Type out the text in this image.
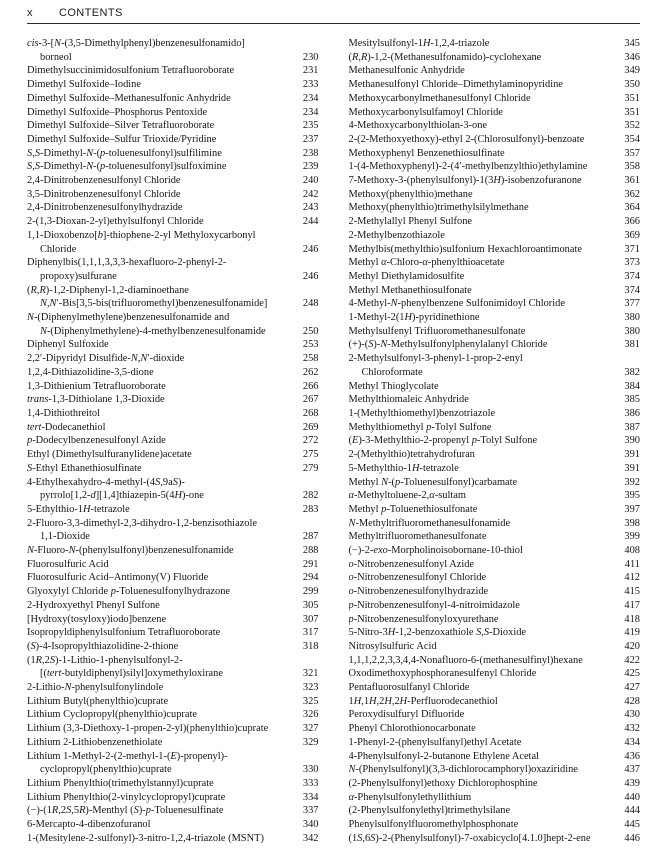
x	CONTENTS
cis-3-[N-(3,5-Dimethylphenyl)benzenesulfonamido]
borneol	230
Dimethylsuccinimidosulfonium Tetrafluoroborate	231
Dimethyl Sulfoxide–Iodine	233
Dimethyl Sulfoxide–Methanesulfonic Anhydride	234
Dimethyl Sulfoxide–Phosphorus Pentoxide	234
Dimethyl Sulfoxide–Silver Tetrafluoroborate	235
Dimethyl Sulfoxide–Sulfur Trioxide/Pyridine	237
S,S-Dimethyl-N-(p-toluenesulfonyl)sulfilimine	238
S,S-Dimethyl-N-(p-toluenesulfonyl)sulfoximine	239
2,4-Dinitrobenzenesulfonyl Chloride	240
3,5-Dinitrobenzenesulfonyl Chloride	242
2,4-Dinitrobenzenesulfonylhydrazide	243
2-(1,3-Dioxan-2-yl)ethylsulfonyl Chloride	244
1,1-Dioxobenzo[b]-thiophene-2-yl Methyloxycarbonyl
Chloride	246
Diphenylbis(1,1,1,3,3,3-hexafluoro-2-phenyl-2-
propoxy)sulfurane	246
(R,R)-1,2-Diphenyl-1,2-diaminoethane
N,N′-Bis[3,5-bis(trifluoromethyl)benzenesulfonamide]	248
N-(Diphenylmethylene)benzenesulfonamide and
N-(Diphenylmethylene)-4-methylbenzenesulfonamide	250
Diphenyl Sulfoxide	253
2,2′-Dipyridyl Disulfide-N,N′-dioxide	258
1,2,4-Dithiazolidine-3,5-dione	262
1,3-Dithienium Tetrafluoroborate	266
trans-1,3-Dithiolane 1,3-Dioxide	267
1,4-Dithiothreitol	268
tert-Dodecanethiol	269
p-Dodecylbenzenesulfonyl Azide	272
Ethyl (Dimethylsulfuranylidene)acetate	275
S-Ethyl Ethanethiosulfinate	279
4-Ethylhexahydro-4-methyl-(4S,9aS)-
pyrrolo[1,2-d][1,4]thiazepin-5(4H)-one	282
5-Ethylthio-1H-tetrazole	283
2-Fluoro-3,3-dimethyl-2,3-dihydro-1,2-benzisothiazole
1,1-Dioxide	287
N-Fluoro-N-(phenylsulfonyl)benzenesulfonamide	288
Fluorosulfuric Acid	291
Fluorosulfuric Acid–Antimony(V) Fluoride	294
Glyoxylyl Chloride p-Toluenesulfonylhydrazone	299
2-Hydroxyethyl Phenyl Sulfone	305
[Hydroxy(tosyloxy)iodo]benzene	307
Isopropyldiphenylsulfonium Tetrafluoroborate	317
(S)-4-Isopropylthiazolidine-2-thione	318
(1R,2S)-1-Lithio-1-phenylsulfonyl-2-
[(tert-butyldiphenyl)silyl]oxymethyloxirane	321
2-Lithio-N-phenylsulfonylindole	323
Lithium Butyl(phenylthio)cuprate	325
Lithium Cyclopropyl(phenylthio)cuprate	326
Lithium (3,3-Diethoxy-1-propen-2-yl)(phenylthio)cuprate	327
Lithium 2-Lithiobenzenethiolate	329
Lithium 1-Methyl-2-(2-methyl-1-(E)-propenyl)-
cyclopropyl(phenylthio)cuprate	330
Lithium Phenylthio(trimethylstannyl)cuprate	333
Lithium Phenylthio(2-vinylcyclopropyl)cuprate	334
(−)-(1R,2S,5R)-Menthyl (S)-p-Toluenesulfinate	337
6-Mercapto-4-dibenzofuranol	340
1-(Mesitylene-2-sulfonyl)-3-nitro-1,2,4-triazole (MSNT)	342
Mesitylsulfonyl-1H-1,2,4-triazole	345
(R,R)-1,2-(Methanesulfonamido)-cyclohexane	346
Methanesulfonic Anhydride	349
Methanesulfonyl Chloride–Dimethylaminopyridine	350
Methoxycarbonylmethanesulfonyl Chloride	351
Methoxycarbonylsulfamoyl Chloride	351
4-Methoxycarbonylthiolan-3-one	352
2-(2-Methoxyethoxy)-ethyl 2-(Chlorosulfonyl)-benzoate	354
Methoxyphenyl Benzenethiosulfinate	357
1-(4-Methoxyphenyl)-2-(4′-methylbenzylthio)ethylamine	358
7-Methoxy-3-(phenylsulfonyl)-1(3H)-isobenzofuranone	361
Methoxy(phenylthio)methane	362
Methoxy(phenylthio)trimethylsilylmethane	364
2-Methylallyl Phenyl Sulfone	366
2-Methylbenzothiazole	369
Methylbis(methylthio)sulfonium Hexachloroantimonate	371
Methyl α-Chloro-α-phenylthioacetate	373
Methyl Diethylamidosulfite	374
Methyl Methanethiosulfonate	374
4-Methyl-N-phenylbenzene Sulfonimidoyl Chloride	377
1-Methyl-2(1H)-pyridinethione	380
Methylsulfenyl Trifluoromethanesulfonate	380
(+)-(S)-N-Methylsulfonylphenylalanyl Chloride	381
2-Methylsulfonyl-3-phenyl-1-prop-2-enyl
Chloroformate	382
Methyl Thioglycolate	384
Methylthiomaleic Anhydride	385
1-(Methylthiomethyl)benzotriazole	386
Methylthiomethyl p-Tolyl Sulfone	387
(E)-3-Methylthio-2-propenyl p-Tolyl Sulfone	390
2-(Methylthio)tetrahydrofuran	391
5-Methylthio-1H-tetrazole	391
Methyl N-(p-Toluenesulfonyl)carbamate	392
α-Methyltoluene-2,α-sultam	395
Methyl p-Toluenethiosulfonate	397
N-Methyltrifluoromethanesulfonamide	398
Methyltrifluoromethanesulfonate	399
(−)-2-exo-Morpholinoisobornane-10-thiol	408
o-Nitrobenzenesulfonyl Azide	411
o-Nitrobenzenesulfonyl Chloride	412
o-Nitrobenzenesulfonylhydrazide	415
p-Nitrobenzenesulfonyl-4-nitroimidazole	417
p-Nitrobenzenesulfonyloxyurethane	418
5-Nitro-3H-1,2-benzoxathiole S,S-Dioxide	419
Nitrosylsulfuric Acid	420
1,1,1,2,2,3,3,4,4-Nonafluoro-6-(methanesulfinyl)hexane	422
Oxodimethoxyphosphoranesulfenyl Chloride	425
Pentafluorosulfanyl Chloride	427
1H,1H,2H,2H-Perfluorodecanethiol	428
Peroxydisulfuryl Difluoride	430
Phenyl Chlorothionocarbonate	432
1-Phenyl-2-(phenylsulfanyl)ethyl Acetate	434
4-Phenylsulfonyl-2-butanone Ethylene Acetal	436
N-(Phenylsulfonyl)(3,3-dichlorocamphoryl)oxaziridine	437
(2-Phenylsulfonyl)ethoxy Dichlorophosphine	439
α-Phenylsulfonylethyllithium	440
(2-Phenylsulfonylethyl)trimethylsilane	444
Phenylsulfonylfluoromethylphosphonate	445
(1S,6S)-2-(Phenylsulfonyl)-7-oxabicyclo[4.1.0]hept-2-ene	446
